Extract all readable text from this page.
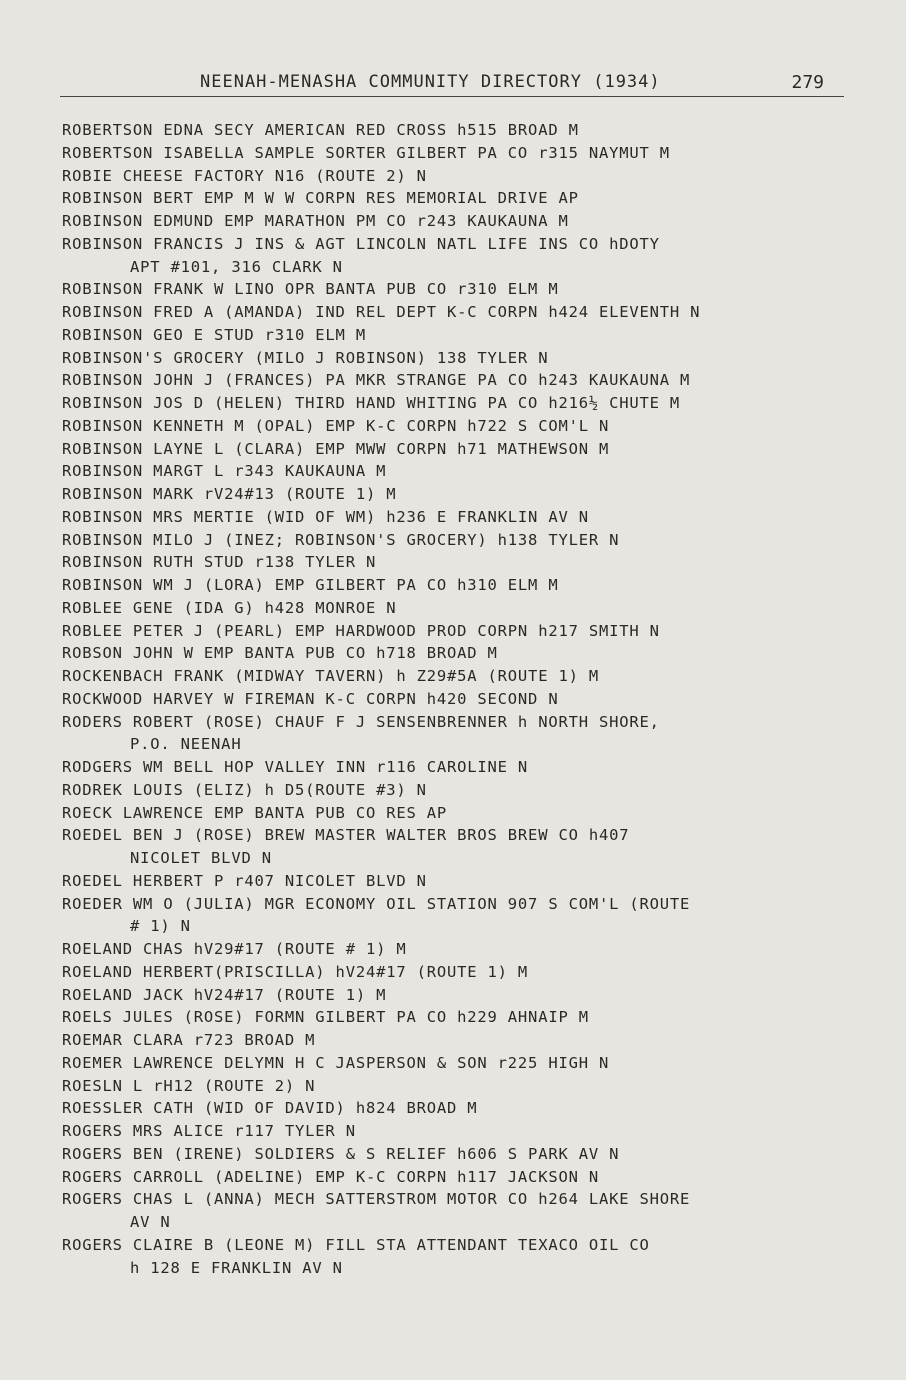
NEENAH-MENASHA COMMUNITY DIRECTORY (1934)	279
ROBERTSON EDNA SECY AMERICAN RED CROSS h515 BROAD M
ROBERTSON ISABELLA SAMPLE SORTER GILBERT PA CO r315 NAYMUT M
ROBIE CHEESE FACTORY N16 (ROUTE 2) N
ROBINSON BERT EMP M W W CORPN RES MEMORIAL DRIVE AP
ROBINSON EDMUND EMP MARATHON PM CO r243 KAUKAUNA M
ROBINSON FRANCIS J INS & AGT LINCOLN NATL LIFE INS CO hDOTY
APT #101, 316 CLARK N
ROBINSON FRANK W LINO OPR BANTA PUB CO r310 ELM M
ROBINSON FRED A (AMANDA) IND REL DEPT K-C CORPN h424 ELEVENTH N
ROBINSON GEO E STUD r310 ELM M
ROBINSON'S GROCERY (MILO J ROBINSON) 138 TYLER N
ROBINSON JOHN J (FRANCES) PA MKR STRANGE PA CO h243 KAUKAUNA M
ROBINSON JOS D (HELEN) THIRD HAND WHITING PA CO h216½ CHUTE M
ROBINSON KENNETH M (OPAL) EMP K-C CORPN h722 S COM'L N
ROBINSON LAYNE L (CLARA) EMP MWW CORPN h71 MATHEWSON M
ROBINSON MARGT L r343 KAUKAUNA M
ROBINSON MARK rV24#13 (ROUTE 1) M
ROBINSON MRS MERTIE (WID OF WM) h236 E FRANKLIN AV N
ROBINSON MILO J (INEZ; ROBINSON'S GROCERY) h138 TYLER N
ROBINSON RUTH STUD r138 TYLER N
ROBINSON WM J (LORA) EMP GILBERT PA CO h310 ELM M
ROBLEE GENE (IDA G) h428 MONROE N
ROBLEE PETER J (PEARL) EMP HARDWOOD PROD CORPN h217 SMITH N
ROBSON JOHN W EMP BANTA PUB CO h718 BROAD M
ROCKENBACH FRANK (MIDWAY TAVERN) h Z29#5A (ROUTE 1) M
ROCKWOOD HARVEY W FIREMAN K-C CORPN h420 SECOND N
RODERS ROBERT (ROSE) CHAUF F J SENSENBRENNER h NORTH SHORE,
P.O. NEENAH
RODGERS WM BELL HOP VALLEY INN r116 CAROLINE N
RODREK LOUIS (ELIZ) h D5(ROUTE #3) N
ROECK LAWRENCE EMP BANTA PUB CO RES AP
ROEDEL BEN J (ROSE) BREW MASTER WALTER BROS BREW CO h407
NICOLET BLVD N
ROEDEL HERBERT P r407 NICOLET BLVD N
ROEDER WM O (JULIA) MGR ECONOMY OIL STATION 907 S COM'L (ROUTE
# 1) N
ROELAND CHAS hV29#17 (ROUTE # 1) M
ROELAND HERBERT(PRISCILLA) hV24#17 (ROUTE 1) M
ROELAND JACK hV24#17 (ROUTE 1) M
ROELS JULES (ROSE) FORMN GILBERT PA CO h229 AHNAIP M
ROEMAR CLARA r723 BROAD M
ROEMER LAWRENCE DELYMN H C JASPERSON & SON r225 HIGH N
ROESLN L rH12 (ROUTE 2) N
ROESSLER CATH (WID OF DAVID) h824 BROAD M
ROGERS MRS ALICE r117 TYLER N
ROGERS BEN (IRENE) SOLDIERS & S RELIEF h606 S PARK AV N
ROGERS CARROLL (ADELINE) EMP K-C CORPN h117 JACKSON N
ROGERS CHAS L (ANNA) MECH SATTERSTROM MOTOR CO h264 LAKE SHORE
AV N
ROGERS CLAIRE B (LEONE M) FILL STA ATTENDANT TEXACO OIL CO
h 128 E FRANKLIN AV N
